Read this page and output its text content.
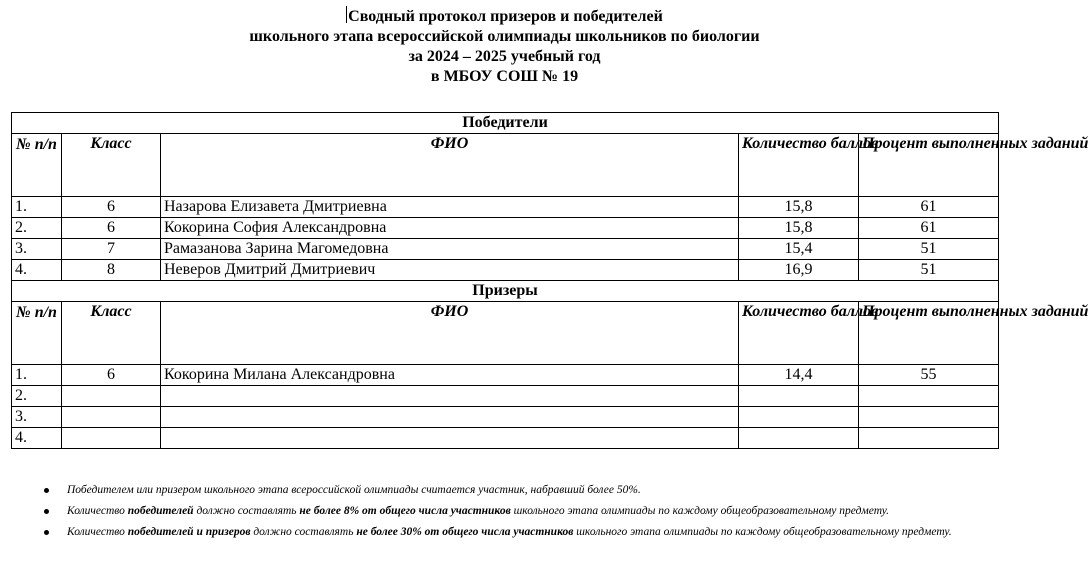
Сводный протокол призеров и победителей
школьного этапа всероссийской олимпиады школьников по биологии
за 2024 – 2025 учебный год
в МБОУ СОШ № 19
Победители				
№ п/п	Класс	ФИО	Количество баллов	Процент выполненных заданий
1.	6	Назарова Елизавета Дмитриевна	15,8	61
2.	6	Кокорина София Александровна	15,8	61
3.	7	Рамазанова Зарина Магомедовна	15,4	51
4.	8	Неверов Дмитрий Дмитриевич	16,9	51
Призеры				
№ п/п	Класс	ФИО	Количество баллов	Процент выполненных заданий
1.	6	Кокорина Милана Александровна	14,4	55
2.				
3.				
4.				
Победителем или призером школьного этапа всероссийской олимпиады считается участник, набравший более 50%.
Количество победителей должно составлять не более 8% от общего числа участников школьного этапа олимпиады по каждому общеобразовательному предмету.
Количество победителей и призеров должно составлять не более 30% от общего числа участников школьного этапа олимпиады по каждому общеобразовательному предмету.
